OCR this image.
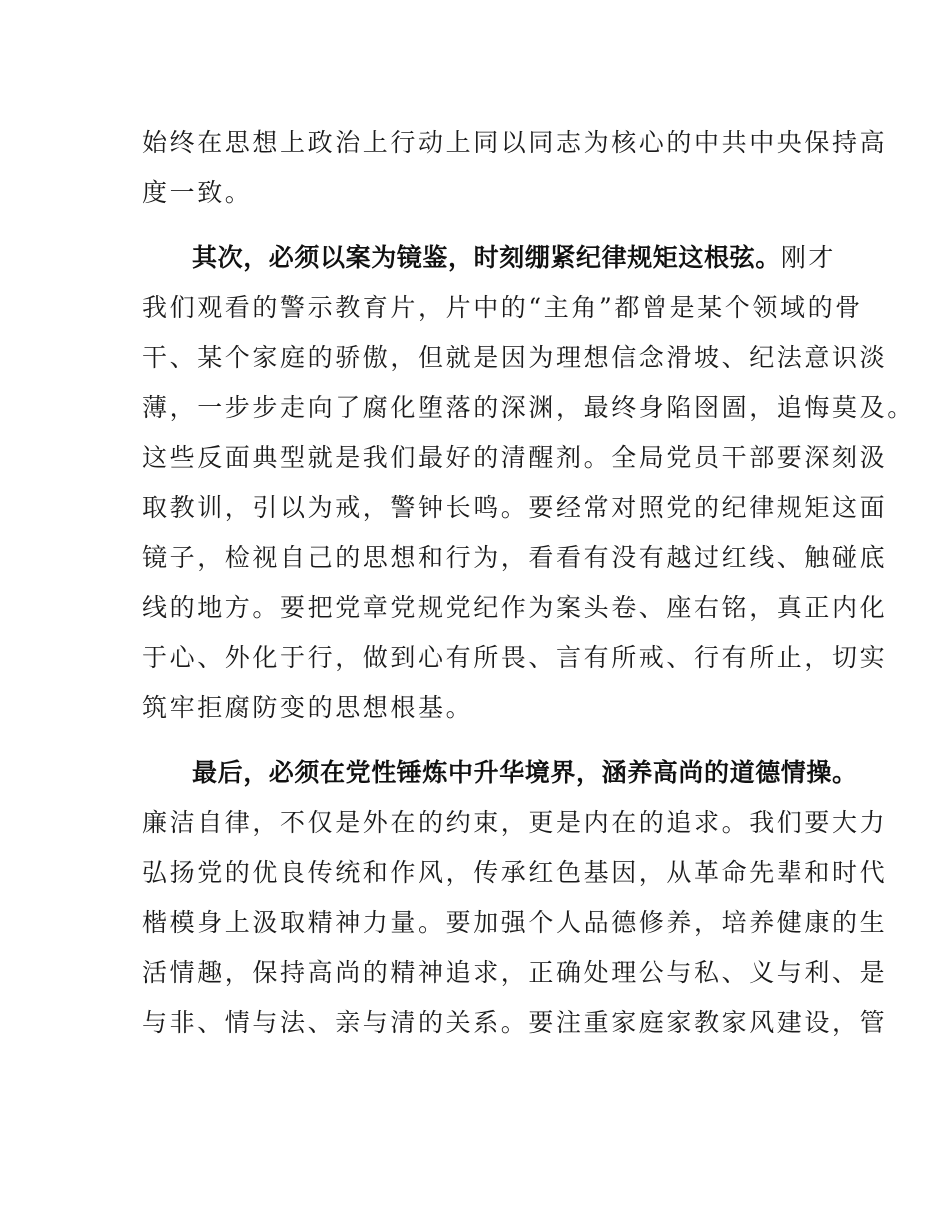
始终在思想上政治上行动上同以同志为核心的中共中央保持高
度一致。
其次，必须以案为镜鉴，时刻绷紧纪律规矩这根弦。刚才
我们观看的警示教育片，片中的“主角”都曾是某个领域的骨
干、某个家庭的骄傲，但就是因为理想信念滑坡、纪法意识淡
薄，一步步走向了腐化堕落的深渊，最终身陷囹圄，追悔莫及。
这些反面典型就是我们最好的清醒剂。全局党员干部要深刻汲
取教训，引以为戒，警钟长鸣。要经常对照党的纪律规矩这面
镜子，检视自己的思想和行为，看看有没有越过红线、触碰底
线的地方。要把党章党规党纪作为案头卷、座右铭，真正内化
于心、外化于行，做到心有所畏、言有所戒、行有所止，切实
筑牢拒腐防变的思想根基。
最后，必须在党性锤炼中升华境界，涵养高尚的道德情操。
廉洁自律，不仅是外在的约束，更是内在的追求。我们要大力
弘扬党的优良传统和作风，传承红色基因，从革命先辈和时代
楷模身上汲取精神力量。要加强个人品德修养，培养健康的生
活情趣，保持高尚的精神追求，正确处理公与私、义与利、是
与非、情与法、亲与清的关系。要注重家庭家教家风建设，管
